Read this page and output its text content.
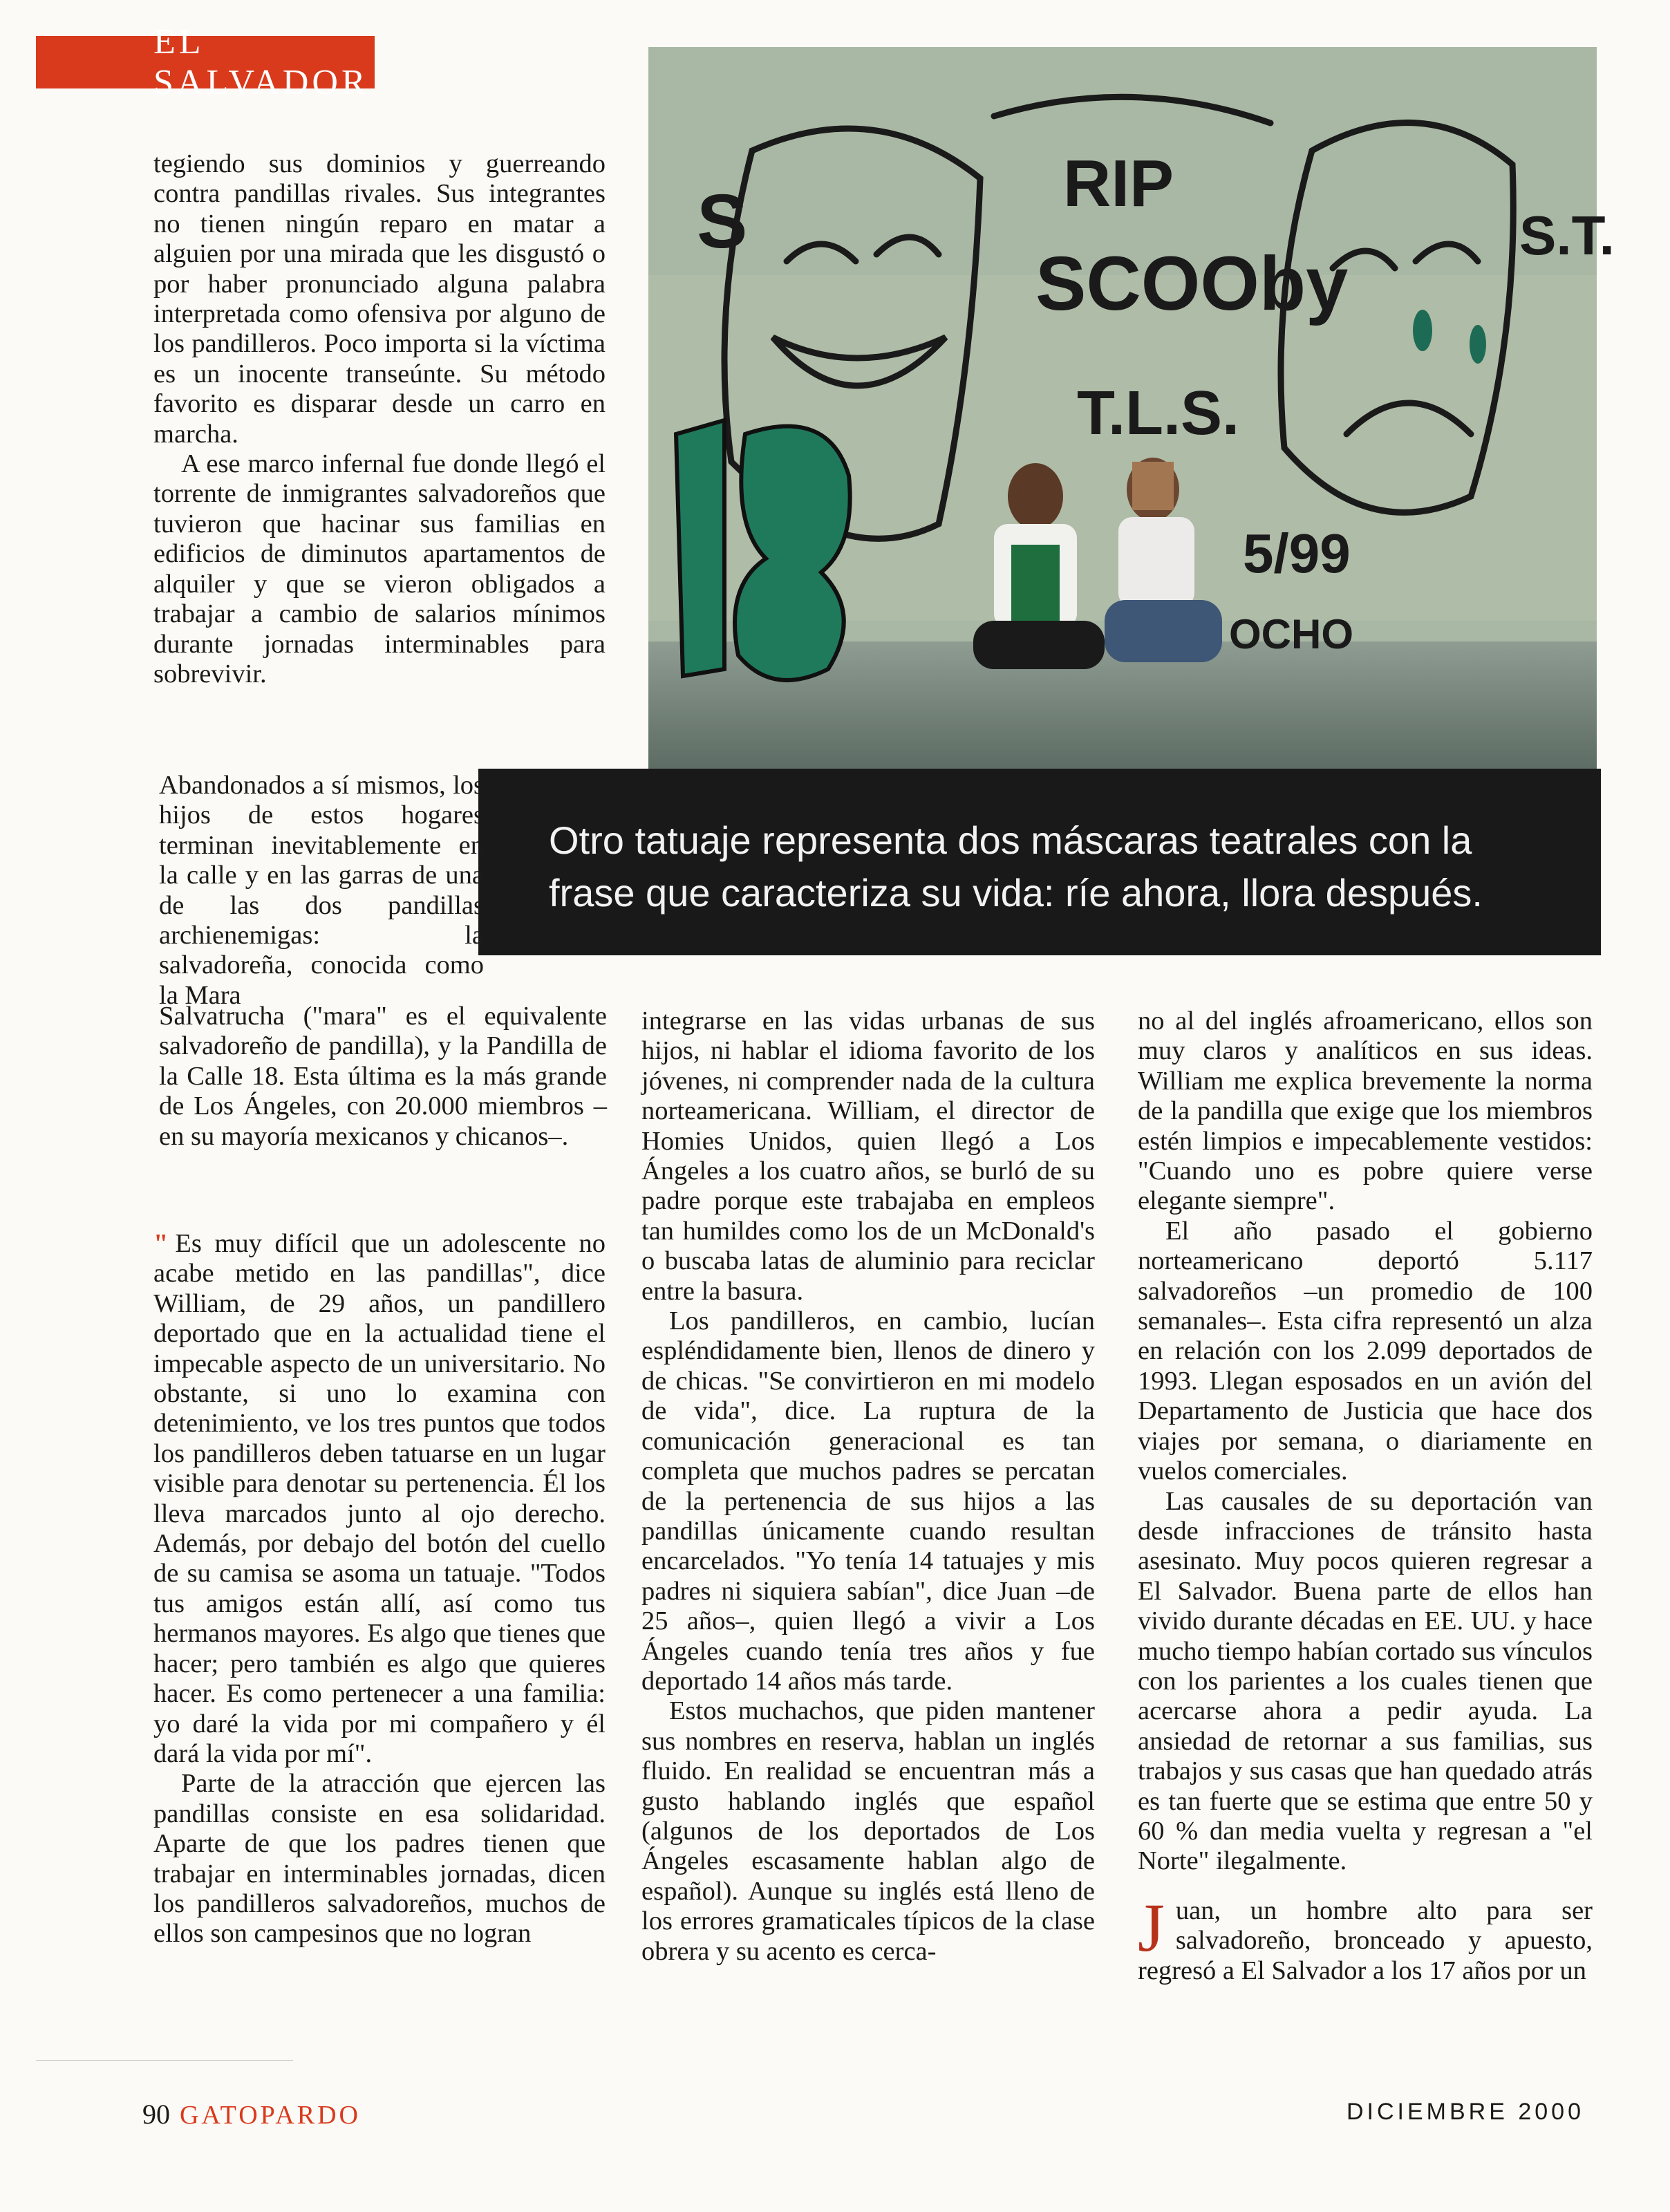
EL SALVADOR
RIP
SCOOby
T.L.S.
S.T.
S
5/99
OCHO
Otro tatuaje representa dos máscaras teatrales con la
frase que caracteriza su vida: ríe ahora, llora después.

tegiendo sus dominios y guerreando contra pandillas rivales. Sus integrantes no tienen ningún reparo en matar a alguien por una mirada que les disgustó o por haber pronunciado alguna palabra interpretada como ofensiva por alguno de los pandilleros. Poco importa si la víctima es un inocente transeúnte. Su método favorito es disparar desde un carro en marcha.

A ese marco infernal fue donde llegó el torrente de inmigrantes salvadoreños que tuvieron que hacinar sus familias en edificios de diminutos apartamentos de alquiler y que se vieron obligados a trabajar a cambio de salarios mínimos durante jornadas interminables para sobrevivir.

Abandonados a sí mismos, los hijos de estos hogares terminan inevitablemente en la calle y en las garras de una de las dos pandillas archienemigas: la salvadoreña, conocida como la Mara

Salvatrucha ("mara" es el equivalente salvadoreño de pandilla), y la Pandilla de la Calle 18. Esta última es la más grande de Los Ángeles, con 20.000 miembros –en su mayoría mexicanos y chicanos–.

" Es muy difícil que un adolescente no acabe metido en las pandillas", dice William, de 29 años, un pandillero deportado que en la actualidad tiene el impecable aspecto de un universitario. No obstante, si uno lo examina con detenimiento, ve los tres puntos que todos los pandilleros deben tatuarse en un lugar visible para denotar su pertenencia. Él los lleva marcados junto al ojo derecho. Además, por debajo del botón del cuello de su camisa se asoma un tatuaje. "Todos tus amigos están allí, así como tus hermanos mayores. Es algo que tienes que hacer; pero también es algo que quieres hacer. Es como pertenecer a una familia: yo daré la vida por mi compañero y él dará la vida por mí".

Parte de la atracción que ejercen las pandillas consiste en esa solidaridad. Aparte de que los padres tienen que trabajar en interminables jornadas, dicen los pandilleros salvadoreños, muchos de ellos son campesinos que no logran

integrarse en las vidas urbanas de sus hijos, ni hablar el idioma favorito de los jóvenes, ni comprender nada de la cultura norteamericana. William, el director de Homies Unidos, quien llegó a Los Ángeles a los cuatro años, se burló de su padre porque este trabajaba en empleos tan humildes como los de un McDonald's o buscaba latas de aluminio para reciclar entre la basura.

Los pandilleros, en cambio, lucían espléndidamente bien, llenos de dinero y de chicas. "Se convirtieron en mi modelo de vida", dice. La ruptura de la comunicación generacional es tan completa que muchos padres se percatan de la pertenencia de sus hijos a las pandillas únicamente cuando resultan encarcelados. "Yo tenía 14 tatuajes y mis padres ni siquiera sabían", dice Juan –de 25 años–, quien llegó a vivir a Los Ángeles cuando tenía tres años y fue deportado 14 años más tarde.

Estos muchachos, que piden mantener sus nombres en reserva, hablan un inglés fluido. En realidad se encuentran más a gusto hablando inglés que español (algunos de los deportados de Los Ángeles escasamente hablan algo de español). Aunque su inglés está lleno de los errores gramaticales típicos de la clase obrera y su acento es cerca-

no al del inglés afroamericano, ellos son muy claros y analíticos en sus ideas. William me explica brevemente la norma de la pandilla que exige que los miembros estén limpios e impecablemente vestidos: "Cuando uno es pobre quiere verse elegante siempre".

El año pasado el gobierno norteamericano deportó 5.117 salvadoreños –un promedio de 100 semanales–. Esta cifra representó un alza en relación con los 2.099 deportados de 1993. Llegan esposados en un avión del Departamento de Justicia que hace dos viajes por semana, o diariamente en vuelos comerciales.

Las causales de su deportación van desde infracciones de tránsito hasta asesinato. Muy pocos quieren regresar a El Salvador. Buena parte de ellos han vivido durante décadas en EE. UU. y hace mucho tiempo habían cortado sus vínculos con los parientes a los cuales tienen que acercarse ahora a pedir ayuda. La ansiedad de retornar a sus familias, sus trabajos y sus casas que han quedado atrás es tan fuerte que se estima que entre 50 y 60 % dan media vuelta y regresan a "el Norte" ilegalmente.

Juan, un hombre alto para ser salvadoreño, bronceado y apuesto, regresó a El Salvador a los 17 años por un

90 GATOPARDO	DICIEMBRE 2000
